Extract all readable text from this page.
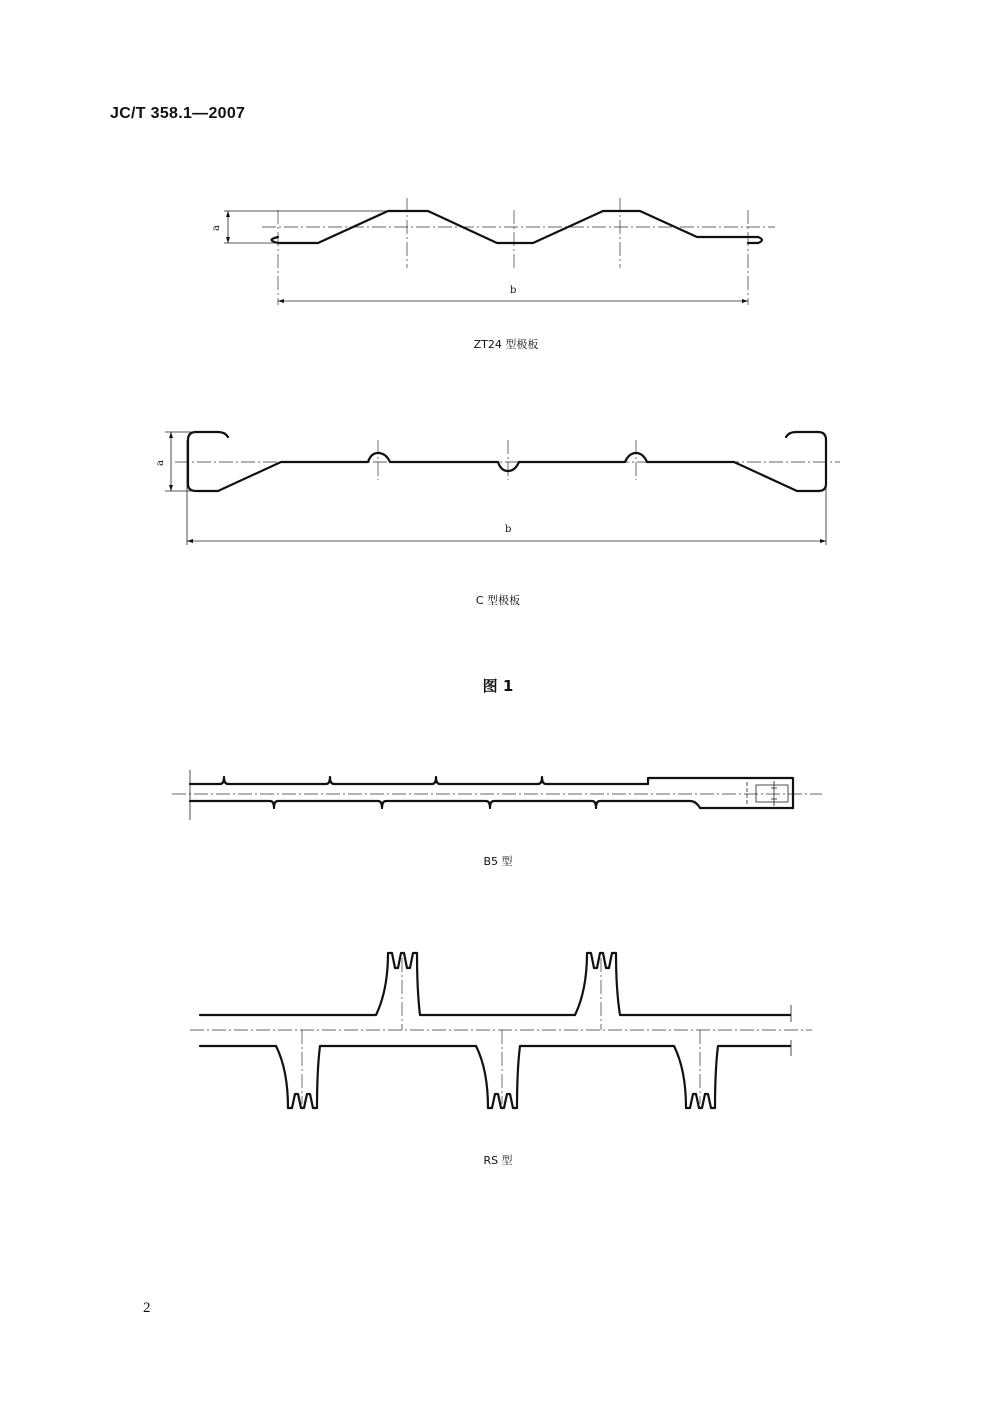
JC/T 358.1—2007
a
b
a
b
ZT24 型极板
C 型极板
图 1
B5 型
RS 型
2
